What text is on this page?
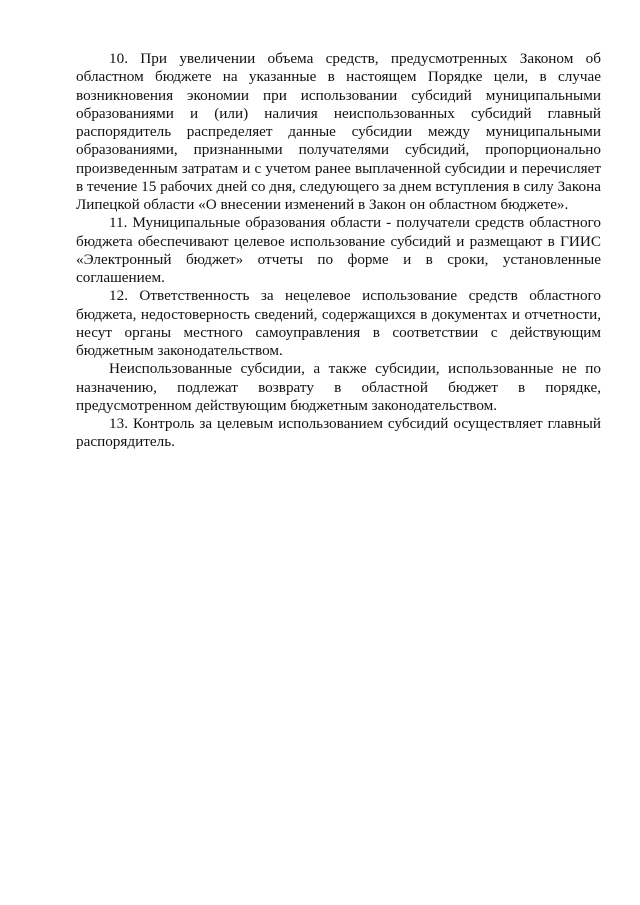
10. При увеличении объема средств, предусмотренных Законом об областном бюджете на указанные в настоящем Порядке цели, в случае возникновения экономии при использовании субсидий муниципальными образованиями и (или) наличия неиспользованных субсидий главный распорядитель распределяет данные субсидии между муниципальными образованиями, признанными получателями субсидий, пропорционально произведенным затратам и с учетом ранее выплаченной субсидии и перечисляет в течение 15 рабочих дней со дня, следующего за днем вступления в силу Закона Липецкой области «О внесении изменений в Закон он областном бюджете».

11. Муниципальные образования области - получатели средств областного бюджета обеспечивают целевое использование субсидий и размещают в ГИИС «Электронный бюджет» отчеты по форме и в сроки, установленные соглашением.

12. Ответственность за нецелевое использование средств областного бюджета, недостоверность сведений, содержащихся в документах и отчетности, несут органы местного самоуправления в соответствии с действующим бюджетным законодательством.

Неиспользованные субсидии, а также субсидии, использованные не по назначению, подлежат возврату в областной бюджет в порядке, предусмотренном действующим бюджетным законодательством.

13. Контроль за целевым использованием субсидий осуществляет главный распорядитель.
